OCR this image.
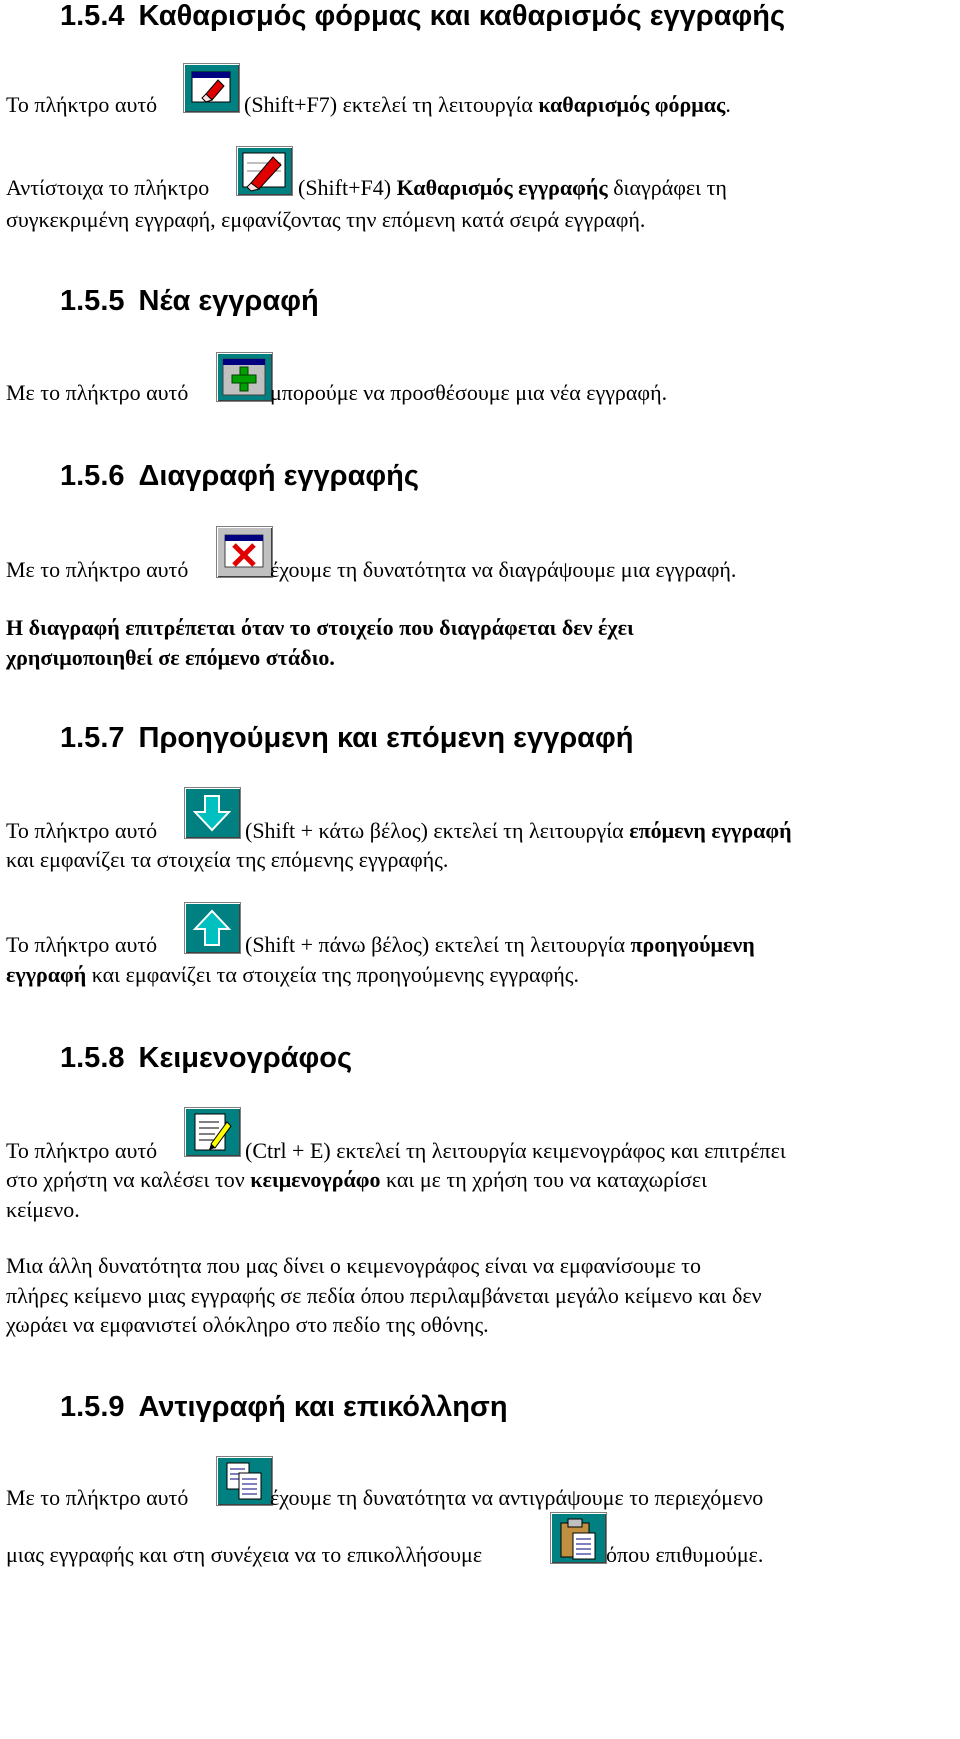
1.5.4 Καθαρισμός φόρμας και καθαρισμός εγγραφής
Το πλήκτρο αυτό	(Shift+F7) εκτελεί τη λειτουργία καθαρισμός φόρμας.
Αντίστοιχα το πλήκτρο	(Shift+F4) Καθαρισμός εγγραφής διαγράφει τη
συγκεκριμένη εγγραφή, εμφανίζοντας την επόμενη κατά σειρά εγγραφή.
1.5.5 Νέα εγγραφή
Με το πλήκτρο αυτό	μπορούμε να προσθέσουμε μια νέα εγγραφή.
1.5.6 Διαγραφή εγγραφής
Με το πλήκτρο αυτό	έχουμε τη δυνατότητα να διαγράψουμε μια εγγραφή.
Η διαγραφή επιτρέπεται όταν το στοιχείο που διαγράφεται δεν έχει
χρησιμοποιηθεί σε επόμενο στάδιο.
1.5.7 Προηγούμενη και επόμενη εγγραφή
Το πλήκτρο αυτό	(Shift + κάτω βέλος) εκτελεί τη λειτουργία επόμενη εγγραφή
και εμφανίζει τα στοιχεία της επόμενης εγγραφής.
Το πλήκτρο αυτό	(Shift + πάνω βέλος) εκτελεί τη λειτουργία προηγούμενη
εγγραφή και εμφανίζει τα στοιχεία της προηγούμενης εγγραφής.
1.5.8 Κειμενογράφος
Το πλήκτρο αυτό	(Ctrl + E) εκτελεί τη λειτουργία κειμενογράφος και επιτρέπει
στο χρήστη να καλέσει τον κειμενογράφο και με τη χρήση του να καταχωρίσει
κείμενο.
Μια άλλη δυνατότητα που μας δίνει ο κειμενογράφος είναι να εμφανίσουμε το
πλήρες κείμενο μιας εγγραφής σε πεδία όπου περιλαμβάνεται μεγάλο κείμενο και δεν
χωράει να εμφανιστεί ολόκληρο στο πεδίο της οθόνης.
1.5.9 Αντιγραφή και επικόλληση
Με το πλήκτρο αυτό	έχουμε τη δυνατότητα να αντιγράψουμε το περιεχόμενο
μιας εγγραφής και στη συνέχεια να το επικολλήσουμε	όπου επιθυμούμε.
